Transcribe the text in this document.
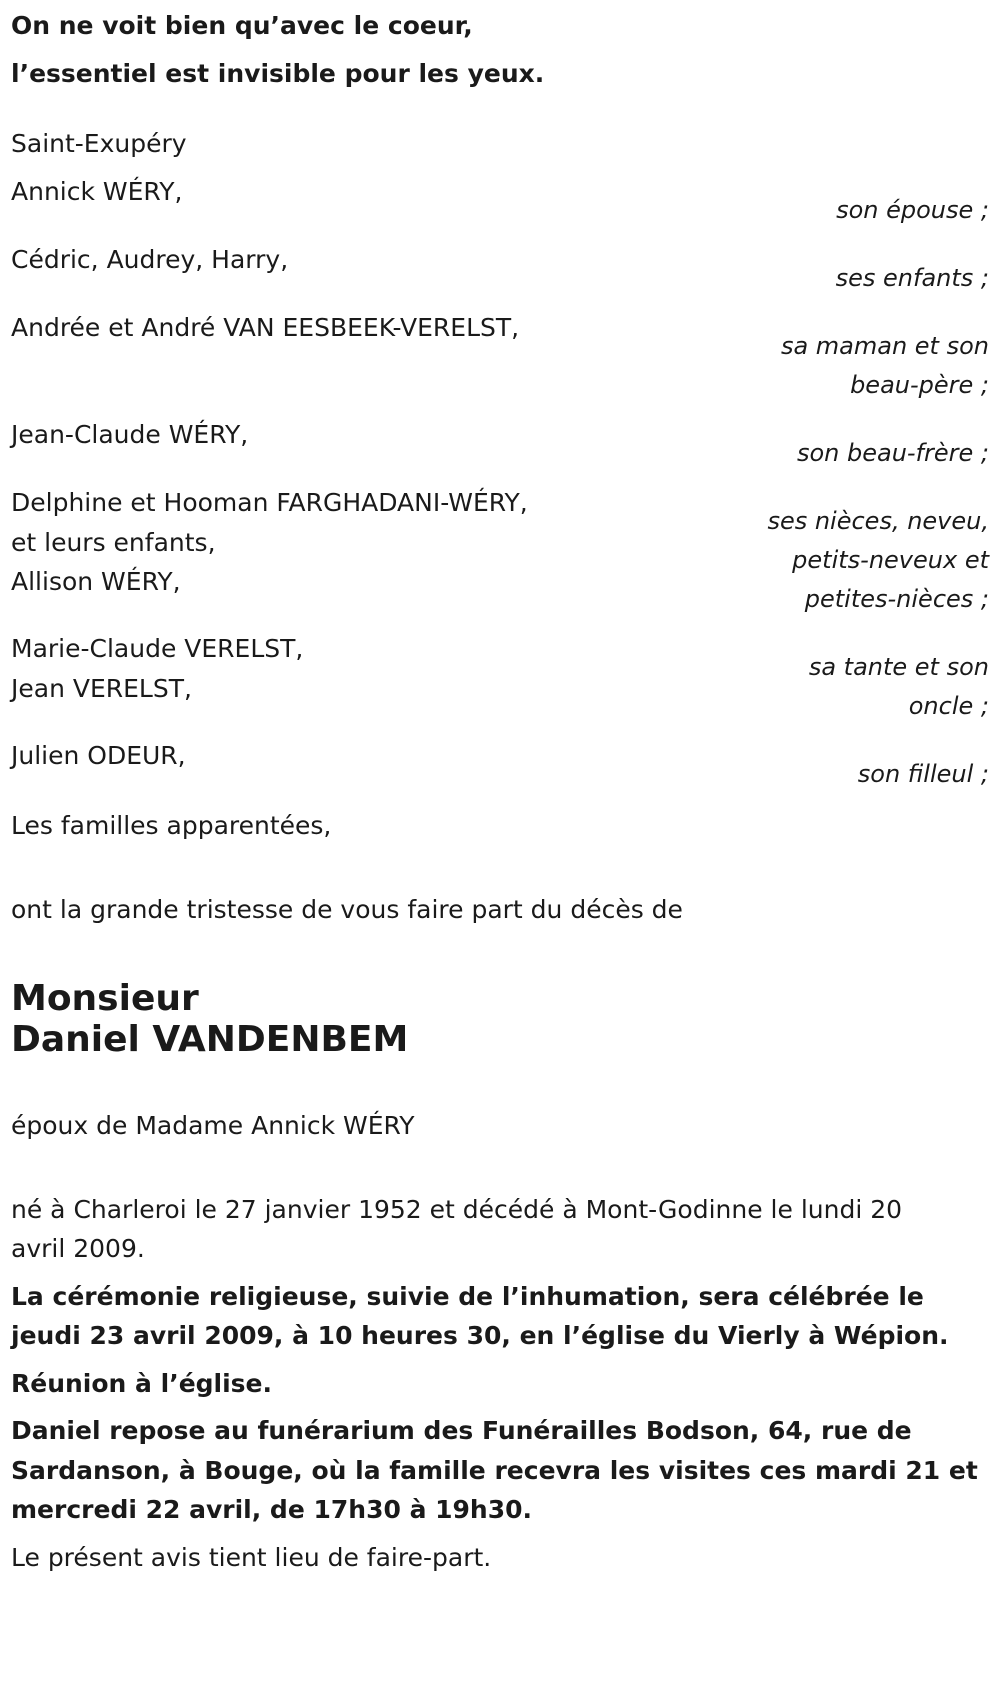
On ne voit bien qu’avec le coeur,
l’essentiel est invisible pour les yeux.
Saint-Exupéry
Annick WÉRY,
son épouse ;
Cédric, Audrey, Harry,
ses enfants ;
Andrée et André VAN EESBEEK-VERELST,
sa maman et son
beau-père ;
Jean-Claude WÉRY,
son beau-frère ;
Delphine et Hooman FARGHADANI-WÉRY,
et leurs enfants,
Allison WÉRY,
ses nièces, neveu,
petits-neveux et
petites-nièces ;
Marie-Claude VERELST,
Jean VERELST,
sa tante et son
oncle ;
Julien ODEUR,
son filleul ;
Les familles apparentées,
ont la grande tristesse de vous faire part du décès de
Monsieur
Daniel VANDENBEM
époux de Madame Annick WÉRY
né à Charleroi le 27 janvier 1952 et décédé à Mont-Godinne le lundi 20 avril 2009.
La cérémonie religieuse, suivie de l’inhumation, sera célébrée le jeudi 23 avril 2009, à 10 heures 30, en l’église du Vierly à Wépion.
Réunion à l’église.
Daniel repose au funérarium des Funérailles Bodson, 64, rue de Sardanson, à Bouge, où la famille recevra les visites ces mardi 21 et mercredi 22 avril, de 17h30 à 19h30.
Le présent avis tient lieu de faire-part.
